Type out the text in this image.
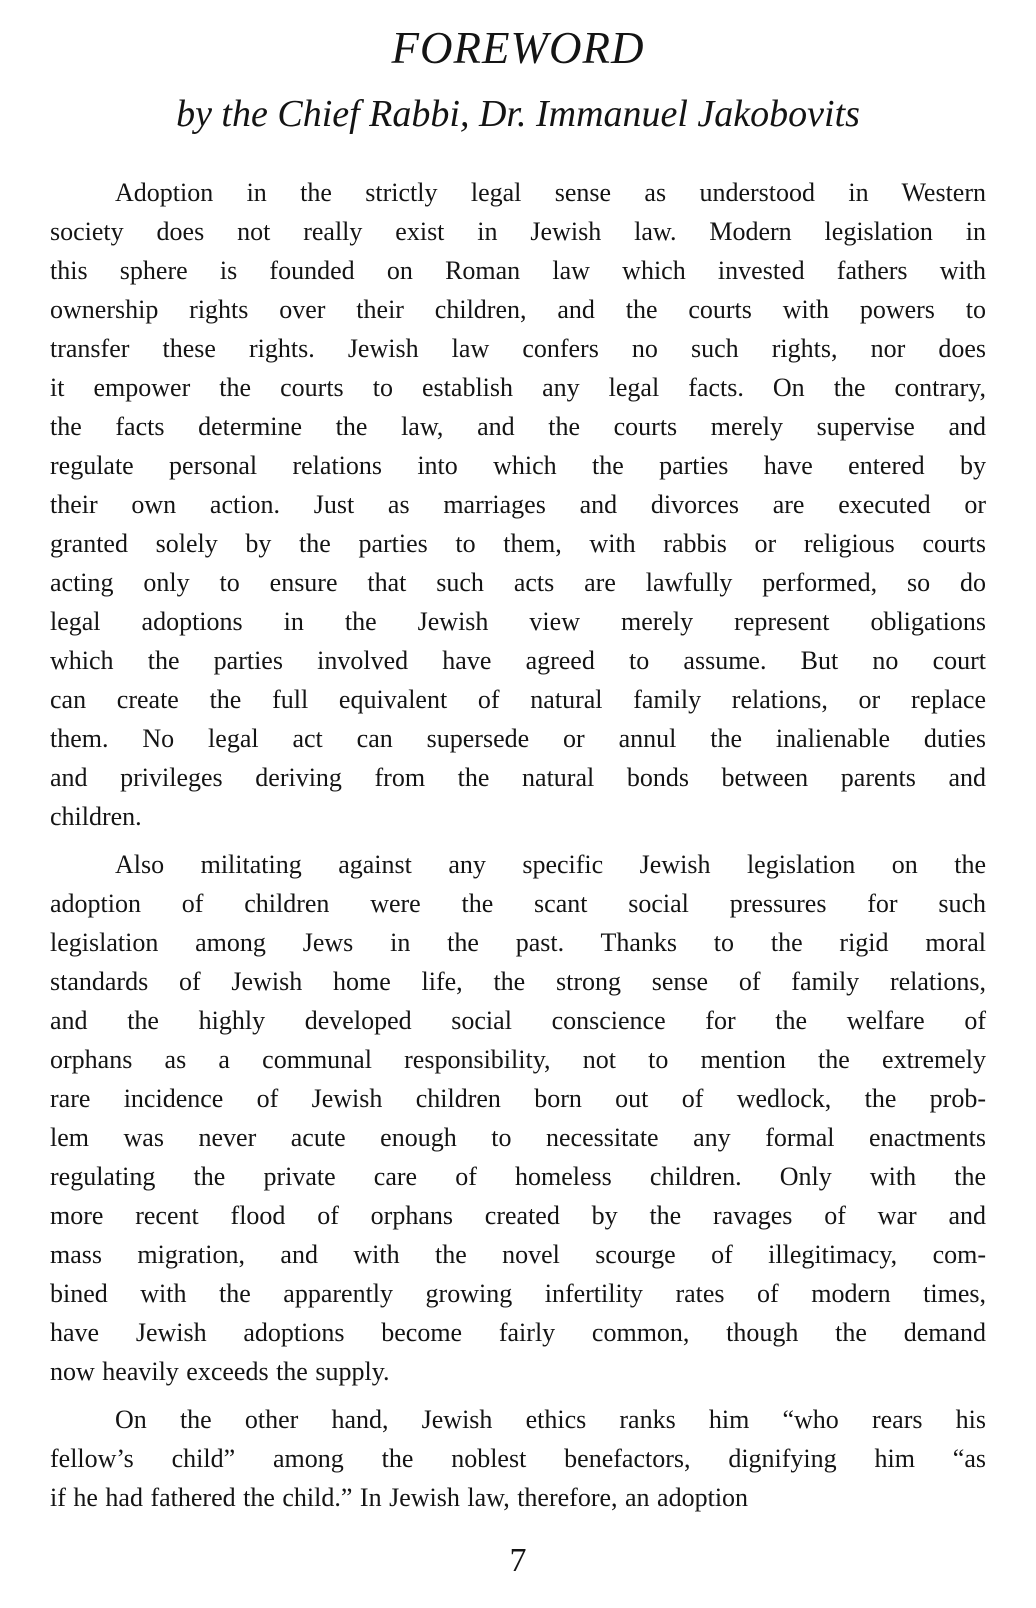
FOREWORD
by the Chief Rabbi, Dr. Immanuel Jakobovits
Adoption in the strictly legal sense as understood in Western
society does not really exist in Jewish law. Modern legislation in
this sphere is founded on Roman law which invested fathers with
ownership rights over their children, and the courts with powers to
transfer these rights. Jewish law confers no such rights, nor does
it empower the courts to establish any legal facts. On the contrary,
the facts determine the law, and the courts merely supervise and
regulate personal relations into which the parties have entered by
their own action. Just as marriages and divorces are executed or
granted solely by the parties to them, with rabbis or religious courts
acting only to ensure that such acts are lawfully performed, so do
legal adoptions in the Jewish view merely represent obligations
which the parties involved have agreed to assume. But no court
can create the full equivalent of natural family relations, or replace
them. No legal act can supersede or annul the inalienable duties
and privileges deriving from the natural bonds between parents and
children.
Also militating against any specific Jewish legislation on the
adoption of children were the scant social pressures for such
legislation among Jews in the past. Thanks to the rigid moral
standards of Jewish home life, the strong sense of family relations,
and the highly developed social conscience for the welfare of
orphans as a communal responsibility, not to mention the extremely
rare incidence of Jewish children born out of wedlock, the prob-
lem was never acute enough to necessitate any formal enactments
regulating the private care of homeless children. Only with the
more recent flood of orphans created by the ravages of war and
mass migration, and with the novel scourge of illegitimacy, com-
bined with the apparently growing infertility rates of modern times,
have Jewish adoptions become fairly common, though the demand
now heavily exceeds the supply.
On the other hand, Jewish ethics ranks him “who rears his
fellow’s child” among the noblest benefactors, dignifying him “as
if he had fathered the child.” In Jewish law, therefore, an adoption
7
